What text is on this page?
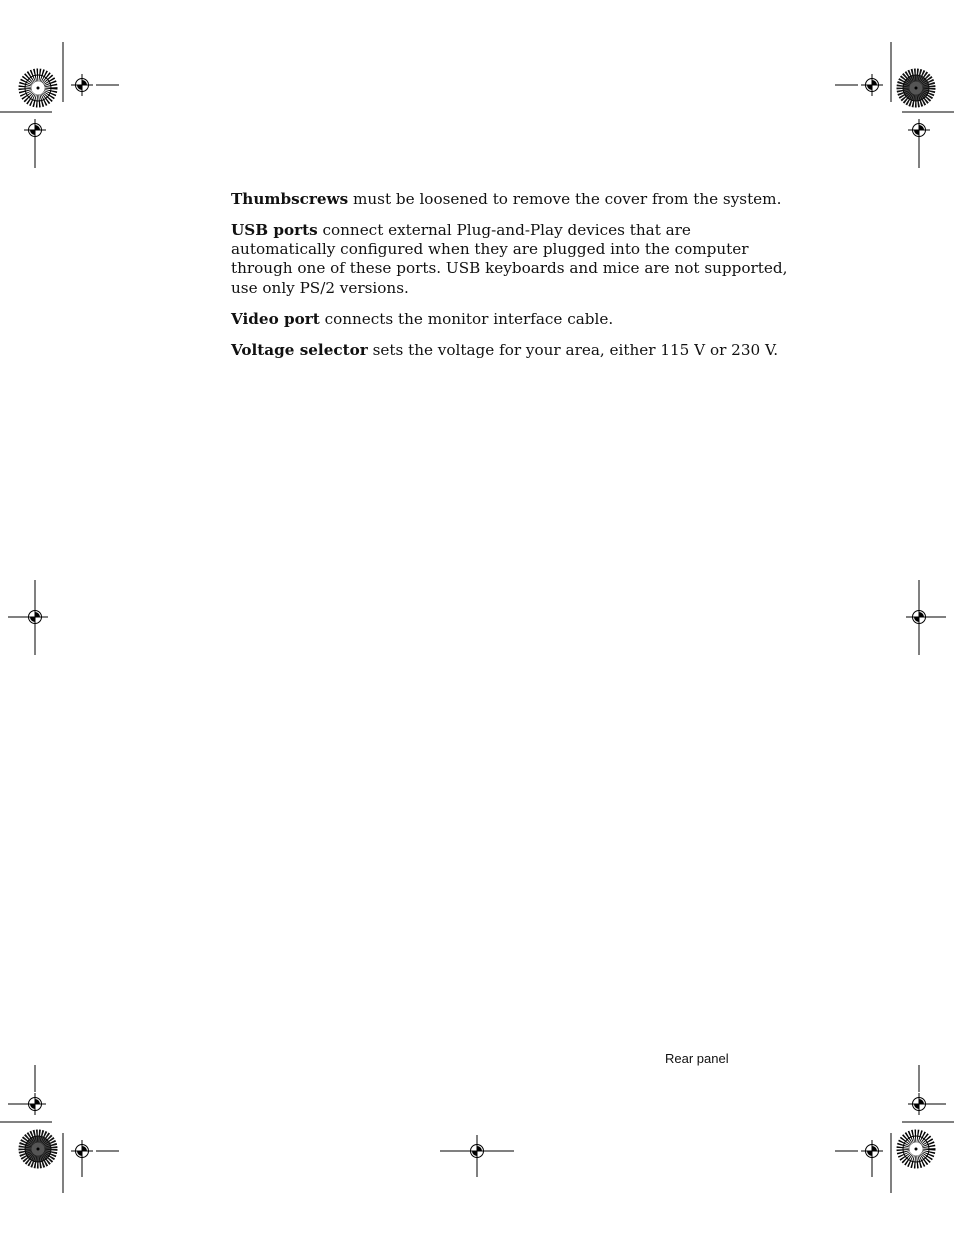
Thumbscrews must be loosened to remove the cover from the system.

USB ports connect external Plug-and-Play devices that are automatically configured when they are plugged into the computer through one of these ports. USB keyboards and mice are not supported, use only PS/2 versions.

Video port connects the monitor interface cable.

Voltage selector sets the voltage for your area, either 115 V or 230 V.

Rear panel
